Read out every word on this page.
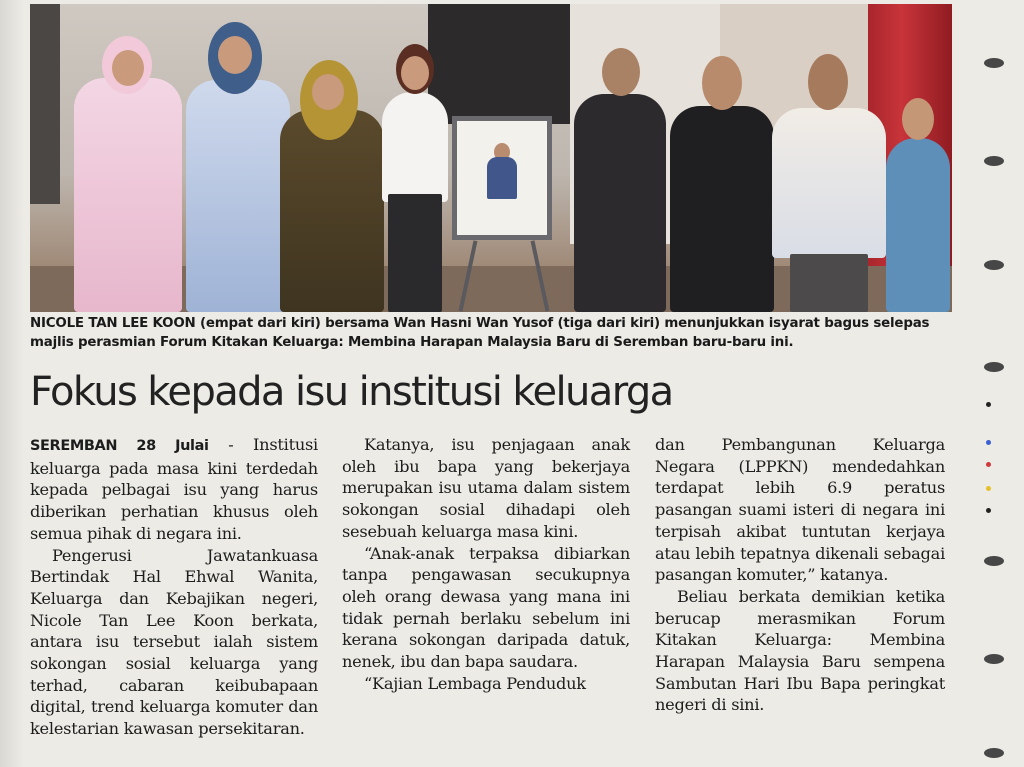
NICOLE TAN LEE KOON (empat dari kiri) bersama Wan Hasni Wan Yusof (tiga dari kiri) menunjukkan isyarat bagus selepas majlis perasmian Forum Kitakan Keluarga: Membina Harapan Malaysia Baru di Seremban baru-baru ini.
Fokus kepada isu institusi keluarga

SEREMBAN 28 Julai - Institusi keluarga pada masa kini terdedah kepada pelbagai isu yang harus diberikan perhatian khusus oleh semua pihak di negara ini.

Pengerusi Jawatankuasa Bertindak Hal Ehwal Wanita, Keluarga dan Kebajikan negeri, Nicole Tan Lee Koon berkata, antara isu tersebut ialah sistem sokongan sosial keluarga yang terhad, cabaran keibubapaan digital, trend keluarga komuter dan kelestarian kawasan persekitaran.

Katanya, isu penjagaan anak oleh ibu bapa yang bekerjaya merupakan isu utama dalam sistem sokongan sosial dihadapi oleh sesebuah keluarga masa kini.

“Anak-anak terpaksa dibiarkan tanpa pengawasan secukupnya oleh orang dewasa yang mana ini tidak pernah berlaku sebelum ini kerana sokongan daripada datuk, nenek, ibu dan bapa saudara.

“Kajian Lembaga Penduduk

dan Pembangunan Keluarga Negara (LPPKN) mendedahkan terdapat lebih 6.9 peratus pasangan suami isteri di negara ini terpisah akibat tuntutan kerjaya atau lebih tepatnya dikenali sebagai pasangan komuter,” katanya.

Beliau berkata demikian ketika berucap merasmikan Forum Kitakan Keluarga: Membina Harapan Malaysia Baru sempena Sambutan Hari Ibu Bapa peringkat negeri di sini.
